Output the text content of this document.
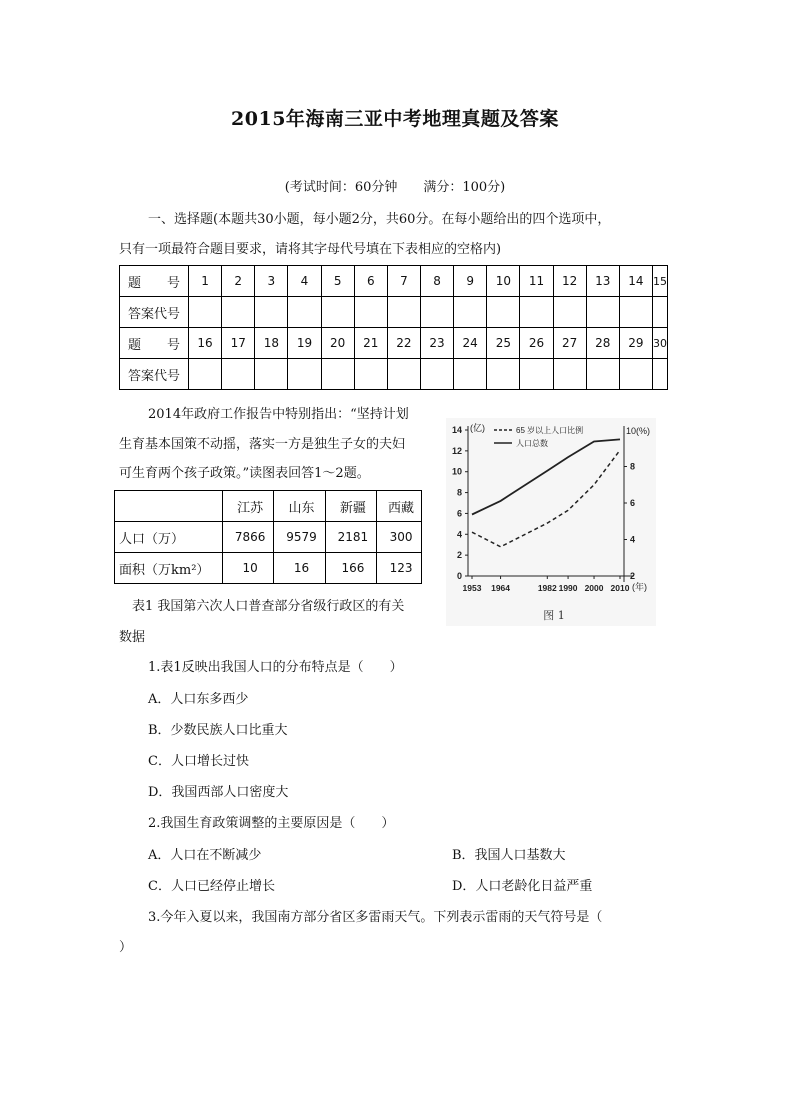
2015年海南三亚中考地理真题及答案
(考试时间：60分钟　　满分：100分)
一、选择题(本题共30小题，每小题2分，共60分。在每小题给出的四个选项中，
只有一项最符合题目要求，请将其字母代号填在下表相应的空格内)
题　　号	1	2	3	4	5	6	7	8	9	10	11	12	13	14	15
答案代号															
题　　号	16	17	18	19	20	21	22	23	24	25	26	27	28	29	30
答案代号															
2014年政府工作报告中特别指出：“坚持计划
生育基本国策不动摇，落实一方是独生子女的夫妇
可生育两个孩子政策。”读图表回答1～2题。
	江苏	山东	新疆	西藏
人口（万）	7866	9579	2181	300
面积（万km²）	10	16	166	123
表1 我国第六次人口普查部分省级行政区的有关
数据
0
2
4
6
8
10
12
14 (亿)
2
4
6
8
10(%)
1953 1964	1982 1990 2000 2010 (年)
65 岁以上人口比例
人口总数
图 1
1.表1反映出我国人口的分布特点是（　　）
A．人口东多西少
B．少数民族人口比重大
C．人口增长过快
D．我国西部人口密度大
2.我国生育政策调整的主要原因是（　　）
A．人口在不断减少	B．我国人口基数大
C．人口已经停止增长	D．人口老龄化日益严重
3.今年入夏以来，我国南方部分省区多雷雨天气。下列表示雷雨的天气符号是（
）
